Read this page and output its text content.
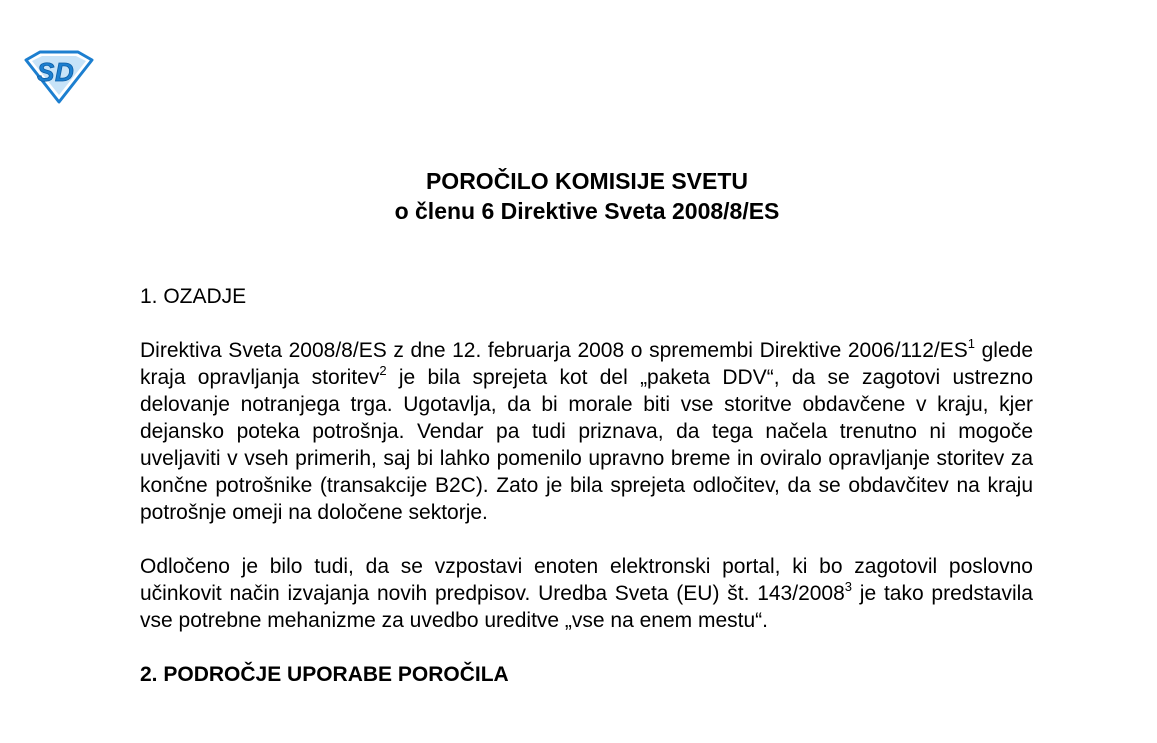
S D
POROČILO KOMISIJE SVETU
o členu 6 Direktive Sveta 2008/8/ES
1. OZADJE

Direktiva Sveta 2008/8/ES z dne 12. februarja 2008 o spremembi Direktive $2006/112/ES^1$ glede kraja opravljanja storitev$^2$ je bila sprejeta kot del „paketa DDV“, da se zagotovi ustrezno delovanje notranjega trga. Ugotavlja, da bi morale biti vse storitve obdavčene v kraju, kjer dejansko poteka potrošnja. Vendar pa tudi priznava, da tega načela trenutno ni mogoče uveljaviti v vseh primerih, saj bi lahko pomenilo upravno breme in oviralo opravljanje storitev za končne potrošnike (transakcije B2C). Zato je bila sprejeta odločitev, da se obdavčitev na kraju potrošnje omeji na določene sektorje.

Odločeno je bilo tudi, da se vzpostavi enoten elektronski portal, ki bo zagotovil poslovno učinkovit način izvajanja novih predpisov. Uredba Sveta (EU) št. 143/2008$^3$ je tako predstavila vse potrebne mehanizme za uvedbo ureditve „vse na enem mestu“.

2. PODROČJE UPORABE POROČILA
